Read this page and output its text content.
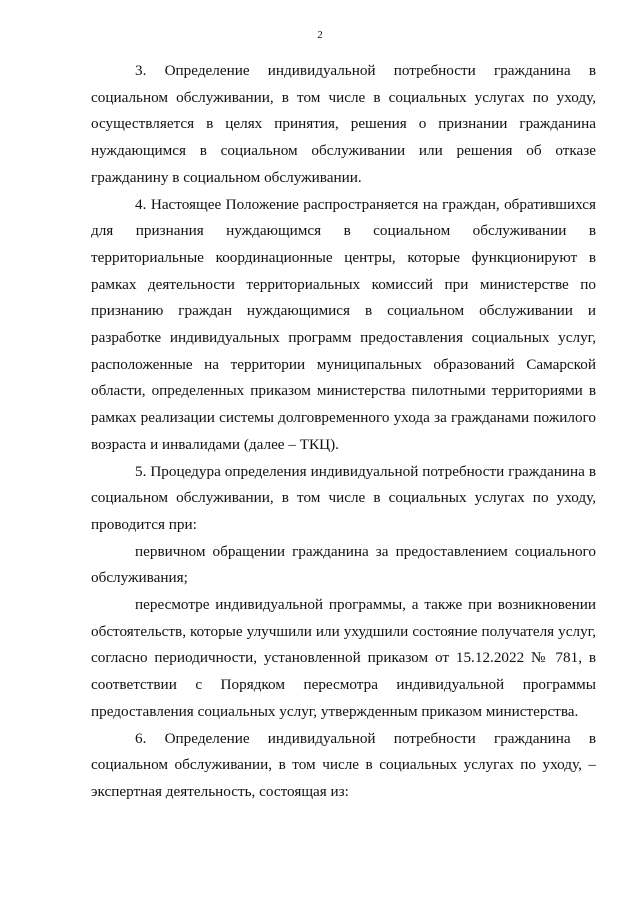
2

3. Определение индивидуальной потребности гражданина в социальном обслуживании, в том числе в социальных услугах по уходу, осуществляется в целях принятия, решения о признании гражданина нуждающимся в социальном обслуживании или решения об отказе гражданину в социальном обслуживании.

4. Настоящее Положение распространяется на граждан, обратившихся для признания нуждающимся в социальном обслуживании в территориальные координационные центры, которые функционируют в рамках деятельности территориальных комиссий при министерстве по признанию граждан нуждающимися в социальном обслуживании и разработке индивидуальных программ предоставления социальных услуг, расположенные на территории муниципальных образований Самарской области, определенных приказом министерства пилотными территориями в рамках реализации системы долговременного ухода за гражданами пожилого возраста и инвалидами (далее – ТКЦ).

5. Процедура определения индивидуальной потребности гражданина в социальном обслуживании, в том числе в социальных услугах по уходу, проводится при:

первичном обращении гражданина за предоставлением социального обслуживания;

пересмотре индивидуальной программы, а также при возникновении обстоятельств, которые улучшили или ухудшили состояние получателя услуг, согласно периодичности, установленной приказом от 15.12.2022 № 781, в соответствии с Порядком пересмотра индивидуальной программы предоставления социальных услуг, утвержденным приказом министерства.

6. Определение индивидуальной потребности гражданина в социальном обслуживании, в том числе в социальных услугах по уходу, – экспертная деятельность, состоящая из:
